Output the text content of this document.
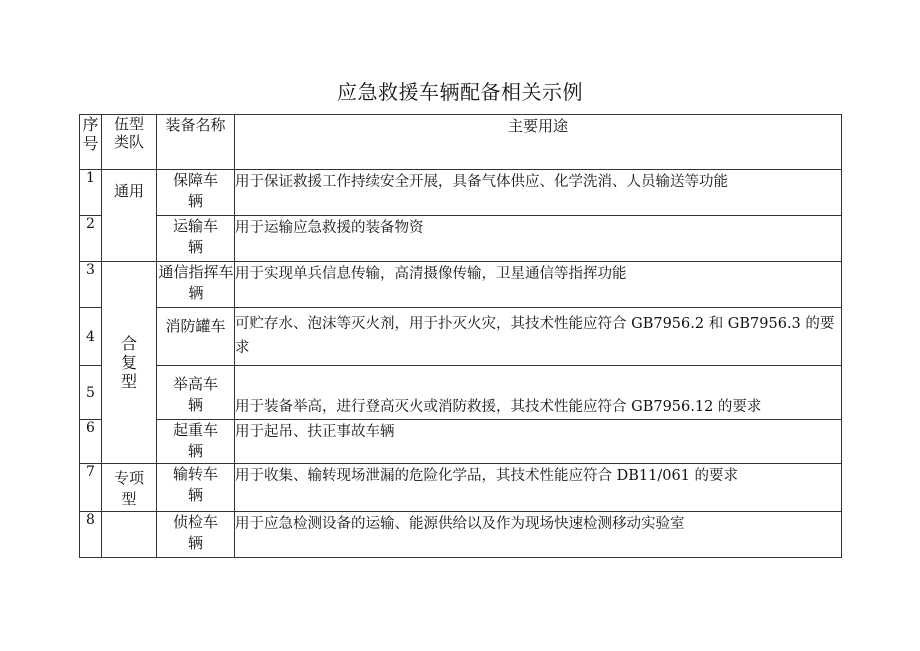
应急救援车辆配备相关示例
序号	伍型类队	装备名称	主要用途
1	通用	保障车辆	用于保证救援工作持续安全开展，具备气体供应、化学洗消、人员输送等功能
2		运输车辆	用于运输应急救援的装备物资
3	合复型	通信指挥车辆	用于实现单兵信息传输，高清摄像传输，卫星通信等指挥功能
4		消防罐车	可贮存水、泡沫等灭火剂，用于扑灭火灾，其技术性能应符合 GB7956.2 和 GB7956.3 的要求
5		举高车辆	用于装备举高，进行登高灭火或消防救援，其技术性能应符合 GB7956.12 的要求
6		起重车辆	用于起吊、扶正事故车辆
7	专项型	输转车辆	用于收集、输转现场泄漏的危险化学品，其技术性能应符合 DB11/061 的要求
8		侦检车辆	用于应急检测设备的运输、能源供给以及作为现场快速检测移动实验室
